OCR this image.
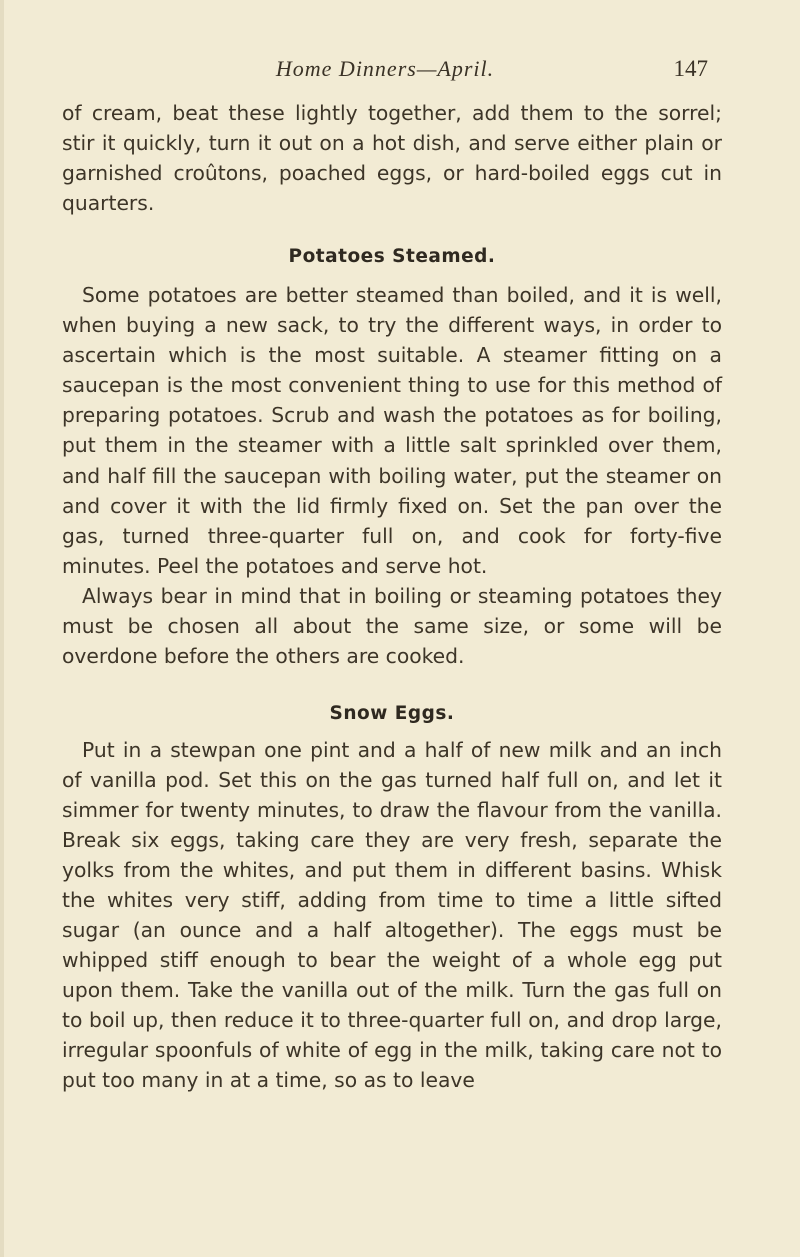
Home Dinners—April.	147

of cream, beat these lightly together, add them to the sorrel; stir it quickly, turn it out on a hot dish, and serve either plain or garnished croûtons, poached eggs, or hard-boiled eggs cut in quarters.

Potatoes Steamed.

Some potatoes are better steamed than boiled, and it is well, when buying a new sack, to try the different ways, in order to ascertain which is the most suitable. A steamer fitting on a saucepan is the most convenient thing to use for this method of preparing potatoes. Scrub and wash the potatoes as for boiling, put them in the steamer with a little salt sprinkled over them, and half fill the saucepan with boiling water, put the steamer on and cover it with the lid firmly fixed on. Set the pan over the gas, turned three-quarter full on, and cook for forty-five minutes. Peel the potatoes and serve hot.

Always bear in mind that in boiling or steaming potatoes they must be chosen all about the same size, or some will be overdone before the others are cooked.

Snow Eggs.

Put in a stewpan one pint and a half of new milk and an inch of vanilla pod. Set this on the gas turned half full on, and let it simmer for twenty minutes, to draw the flavour from the vanilla. Break six eggs, taking care they are very fresh, separate the yolks from the whites, and put them in different basins. Whisk the whites very stiff, adding from time to time a little sifted sugar (an ounce and a half altogether). The eggs must be whipped stiff enough to bear the weight of a whole egg put upon them. Take the vanilla out of the milk. Turn the gas full on to boil up, then reduce it to three-quarter full on, and drop large, irregular spoonfuls of white of egg in the milk, taking care not to put too many in at a time, so as to leave
